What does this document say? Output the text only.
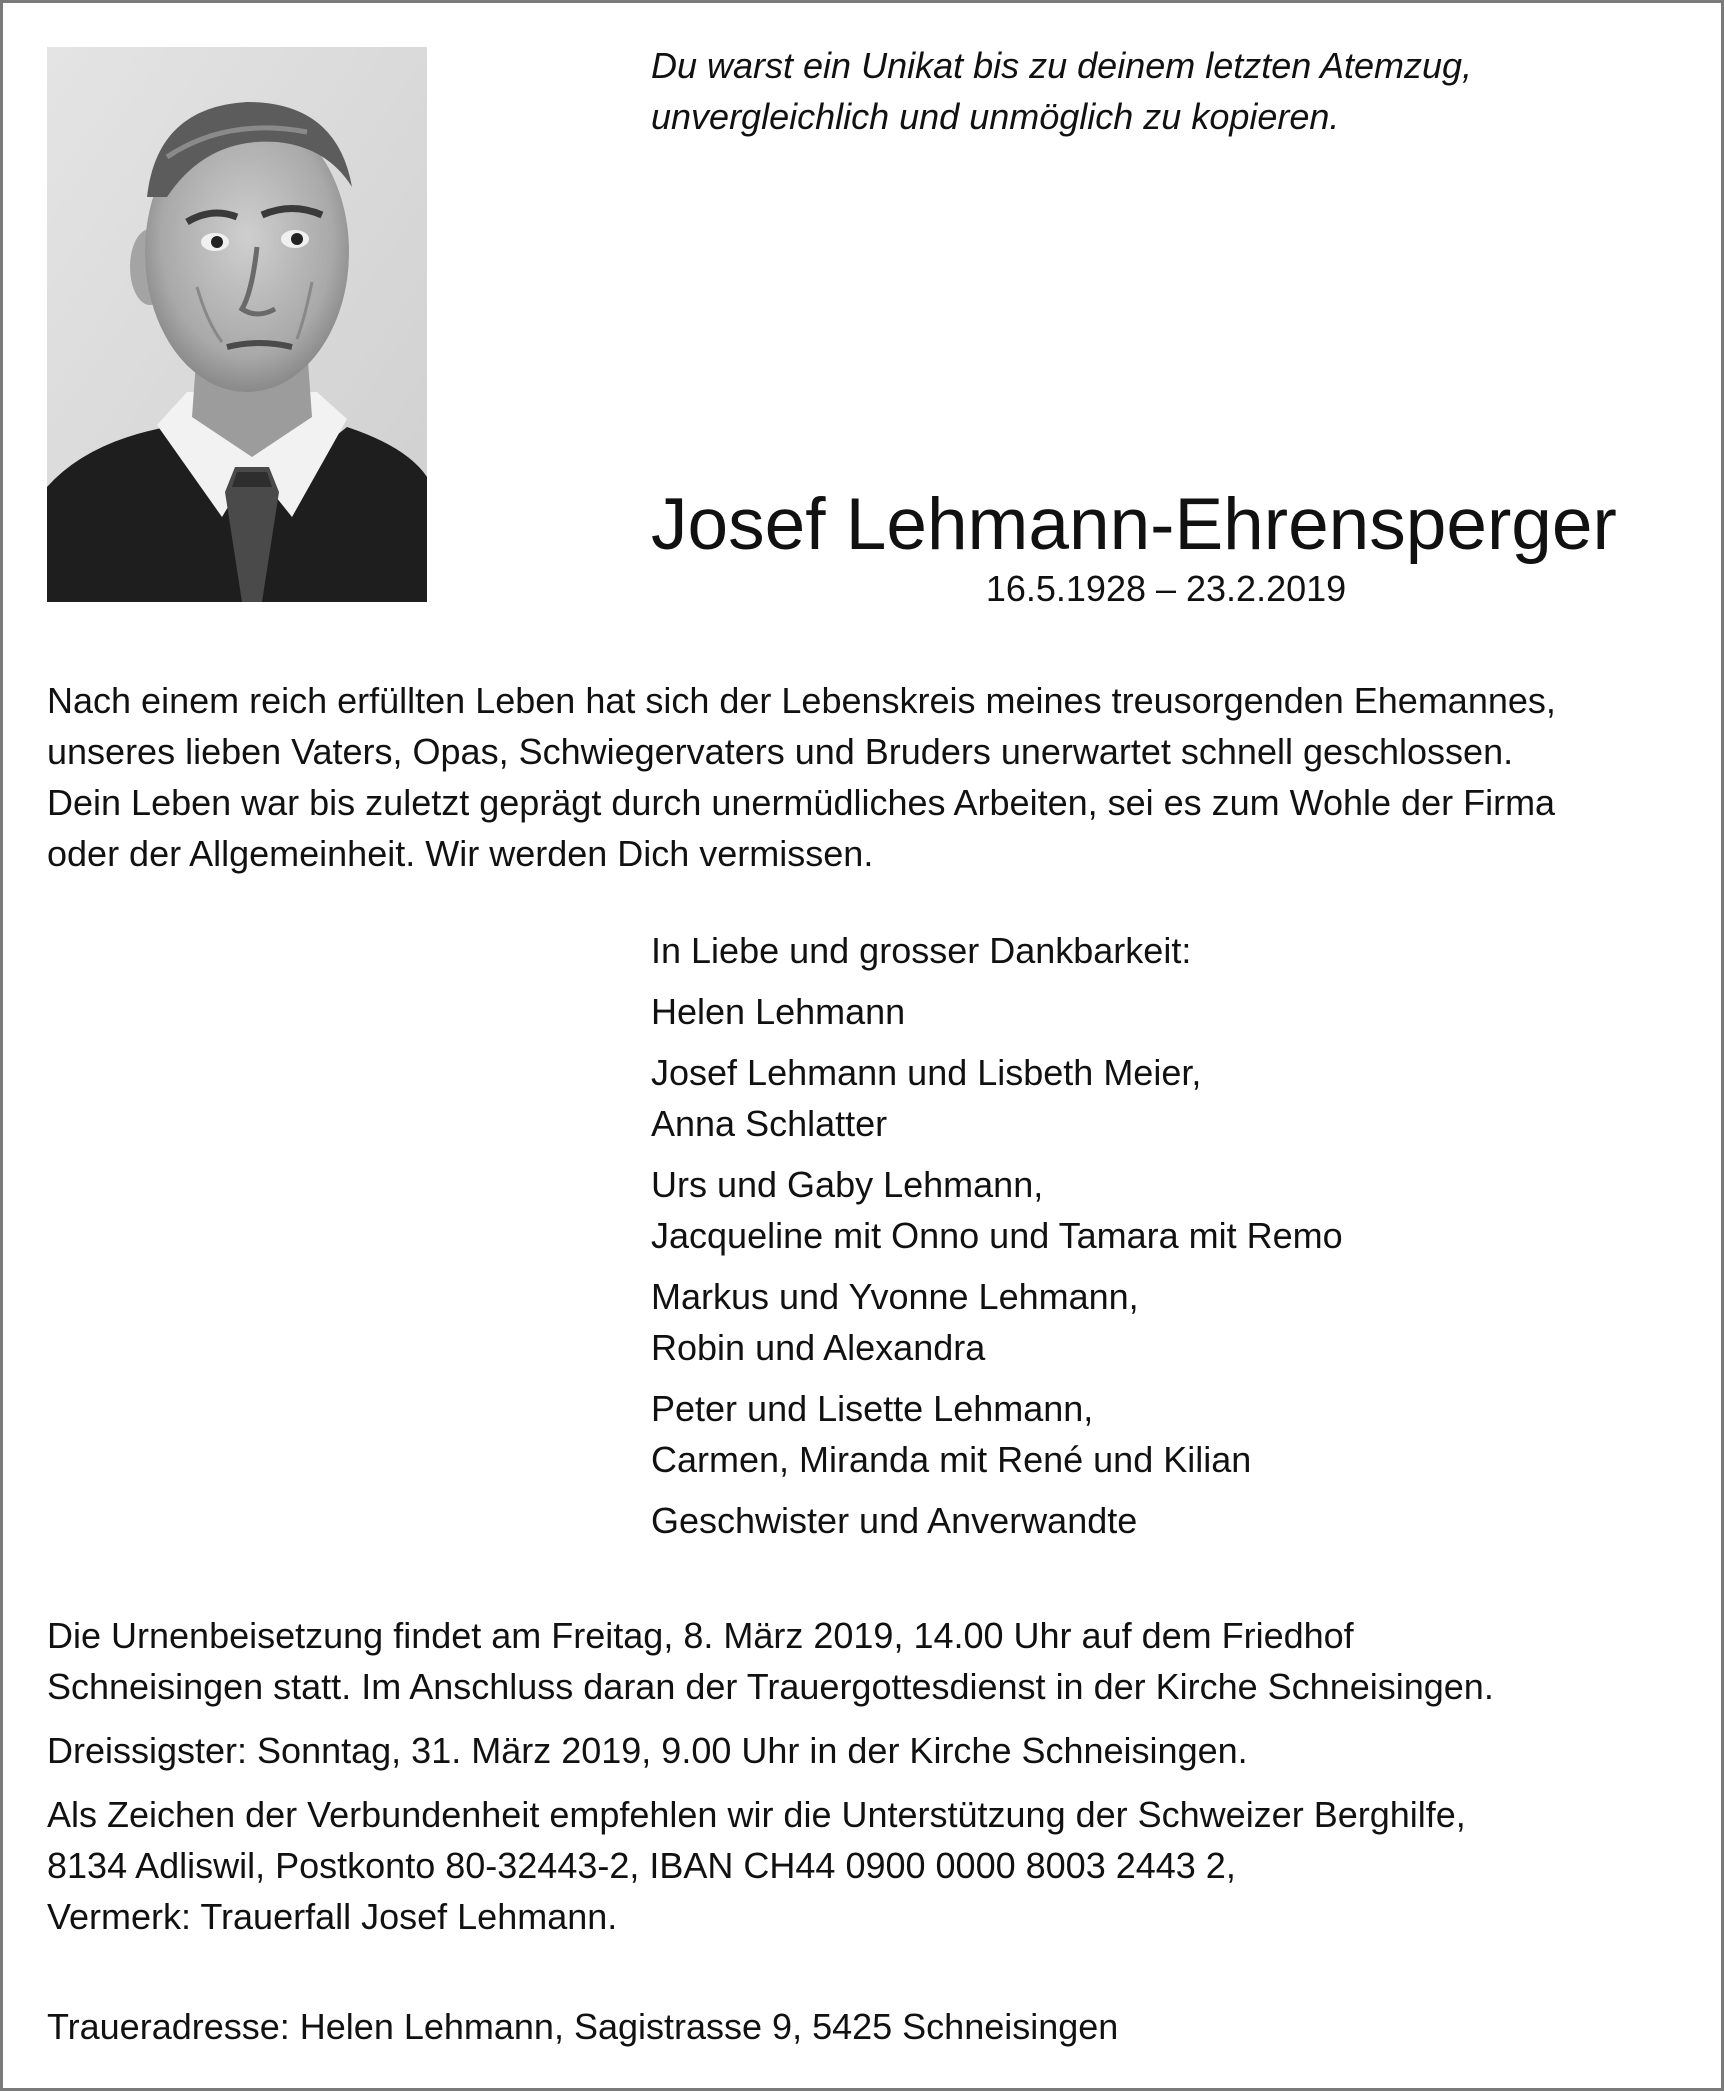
Du warst ein Unikat bis zu deinem letzten Atemzug,
unvergleichlich und unmöglich zu kopieren.
Josef Lehmann-Ehrensperger
16.5.1928 – 23.2.2019
Nach einem reich erfüllten Leben hat sich der Lebenskreis meines treusorgenden Ehemannes,
unseres lieben Vaters, Opas, Schwiegervaters und Bruders unerwartet schnell geschlossen.
Dein Leben war bis zuletzt geprägt durch unermüdliches Arbeiten, sei es zum Wohle der Firma
oder der Allgemeinheit. Wir werden Dich vermissen.
In Liebe und grosser Dankbarkeit:
Helen Lehmann
Josef Lehmann und Lisbeth Meier,
Anna Schlatter
Urs und Gaby Lehmann,
Jacqueline mit Onno und Tamara mit Remo
Markus und Yvonne Lehmann,
Robin und Alexandra
Peter und Lisette Lehmann,
Carmen, Miranda mit René und Kilian
Geschwister und Anverwandte
Die Urnenbeisetzung findet am Freitag, 8. März 2019, 14.00 Uhr auf dem Friedhof
Schneisingen statt. Im Anschluss daran der Trauergottesdienst in der Kirche Schneisingen.
Dreissigster: Sonntag, 31. März 2019, 9.00 Uhr in der Kirche Schneisingen.
Als Zeichen der Verbundenheit empfehlen wir die Unterstützung der Schweizer Berghilfe,
8134 Adliswil, Postkonto 80-32443-2, IBAN CH44 0900 0000 8003 2443 2,
Vermerk: Trauerfall Josef Lehmann.
Traueradresse: Helen Lehmann, Sagistrasse 9, 5425 Schneisingen
